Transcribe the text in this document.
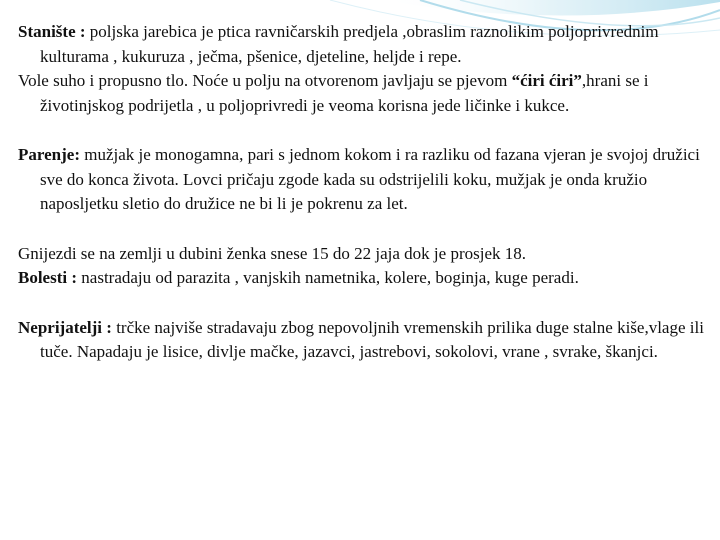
Stanište : poljska jarebica je ptica ravničarskih predjela ,obraslim raznolikim poljoprivrednim kulturama , kukuruza , ječma, pšenice, djeteline, heljde i repe.

Vole suho i propusno tlo. Noće u polju na otvorenom javljaju se pjevom “ćiri ćiri”,hrani se i životinjskog podrijetla , u poljoprivredi je veoma korisna jede ličinke i kukce.

Parenje: mužjak je monogamna, pari s jednom kokom i ra razliku od fazana vjeran je svojoj družici sve do konca života. Lovci pričaju zgode kada su odstrijelili koku, mužjak je onda kružio naposljetku sletio do družice ne bi li je pokrenu za let.

Gnijezdi se na zemlji u dubini ženka snese 15 do 22 jaja dok je prosjek 18.

Bolesti : nastradaju od parazita , vanjskih nametnika, kolere, boginja, kuge peradi.

Neprijatelji : trčke najviše stradavaju zbog nepovoljnih vremenskih prilika duge stalne kiše,vlage ili tuče. Napadaju je lisice, divlje mačke, jazavci, jastrebovi, sokolovi, vrane , svrake, škanjci.
